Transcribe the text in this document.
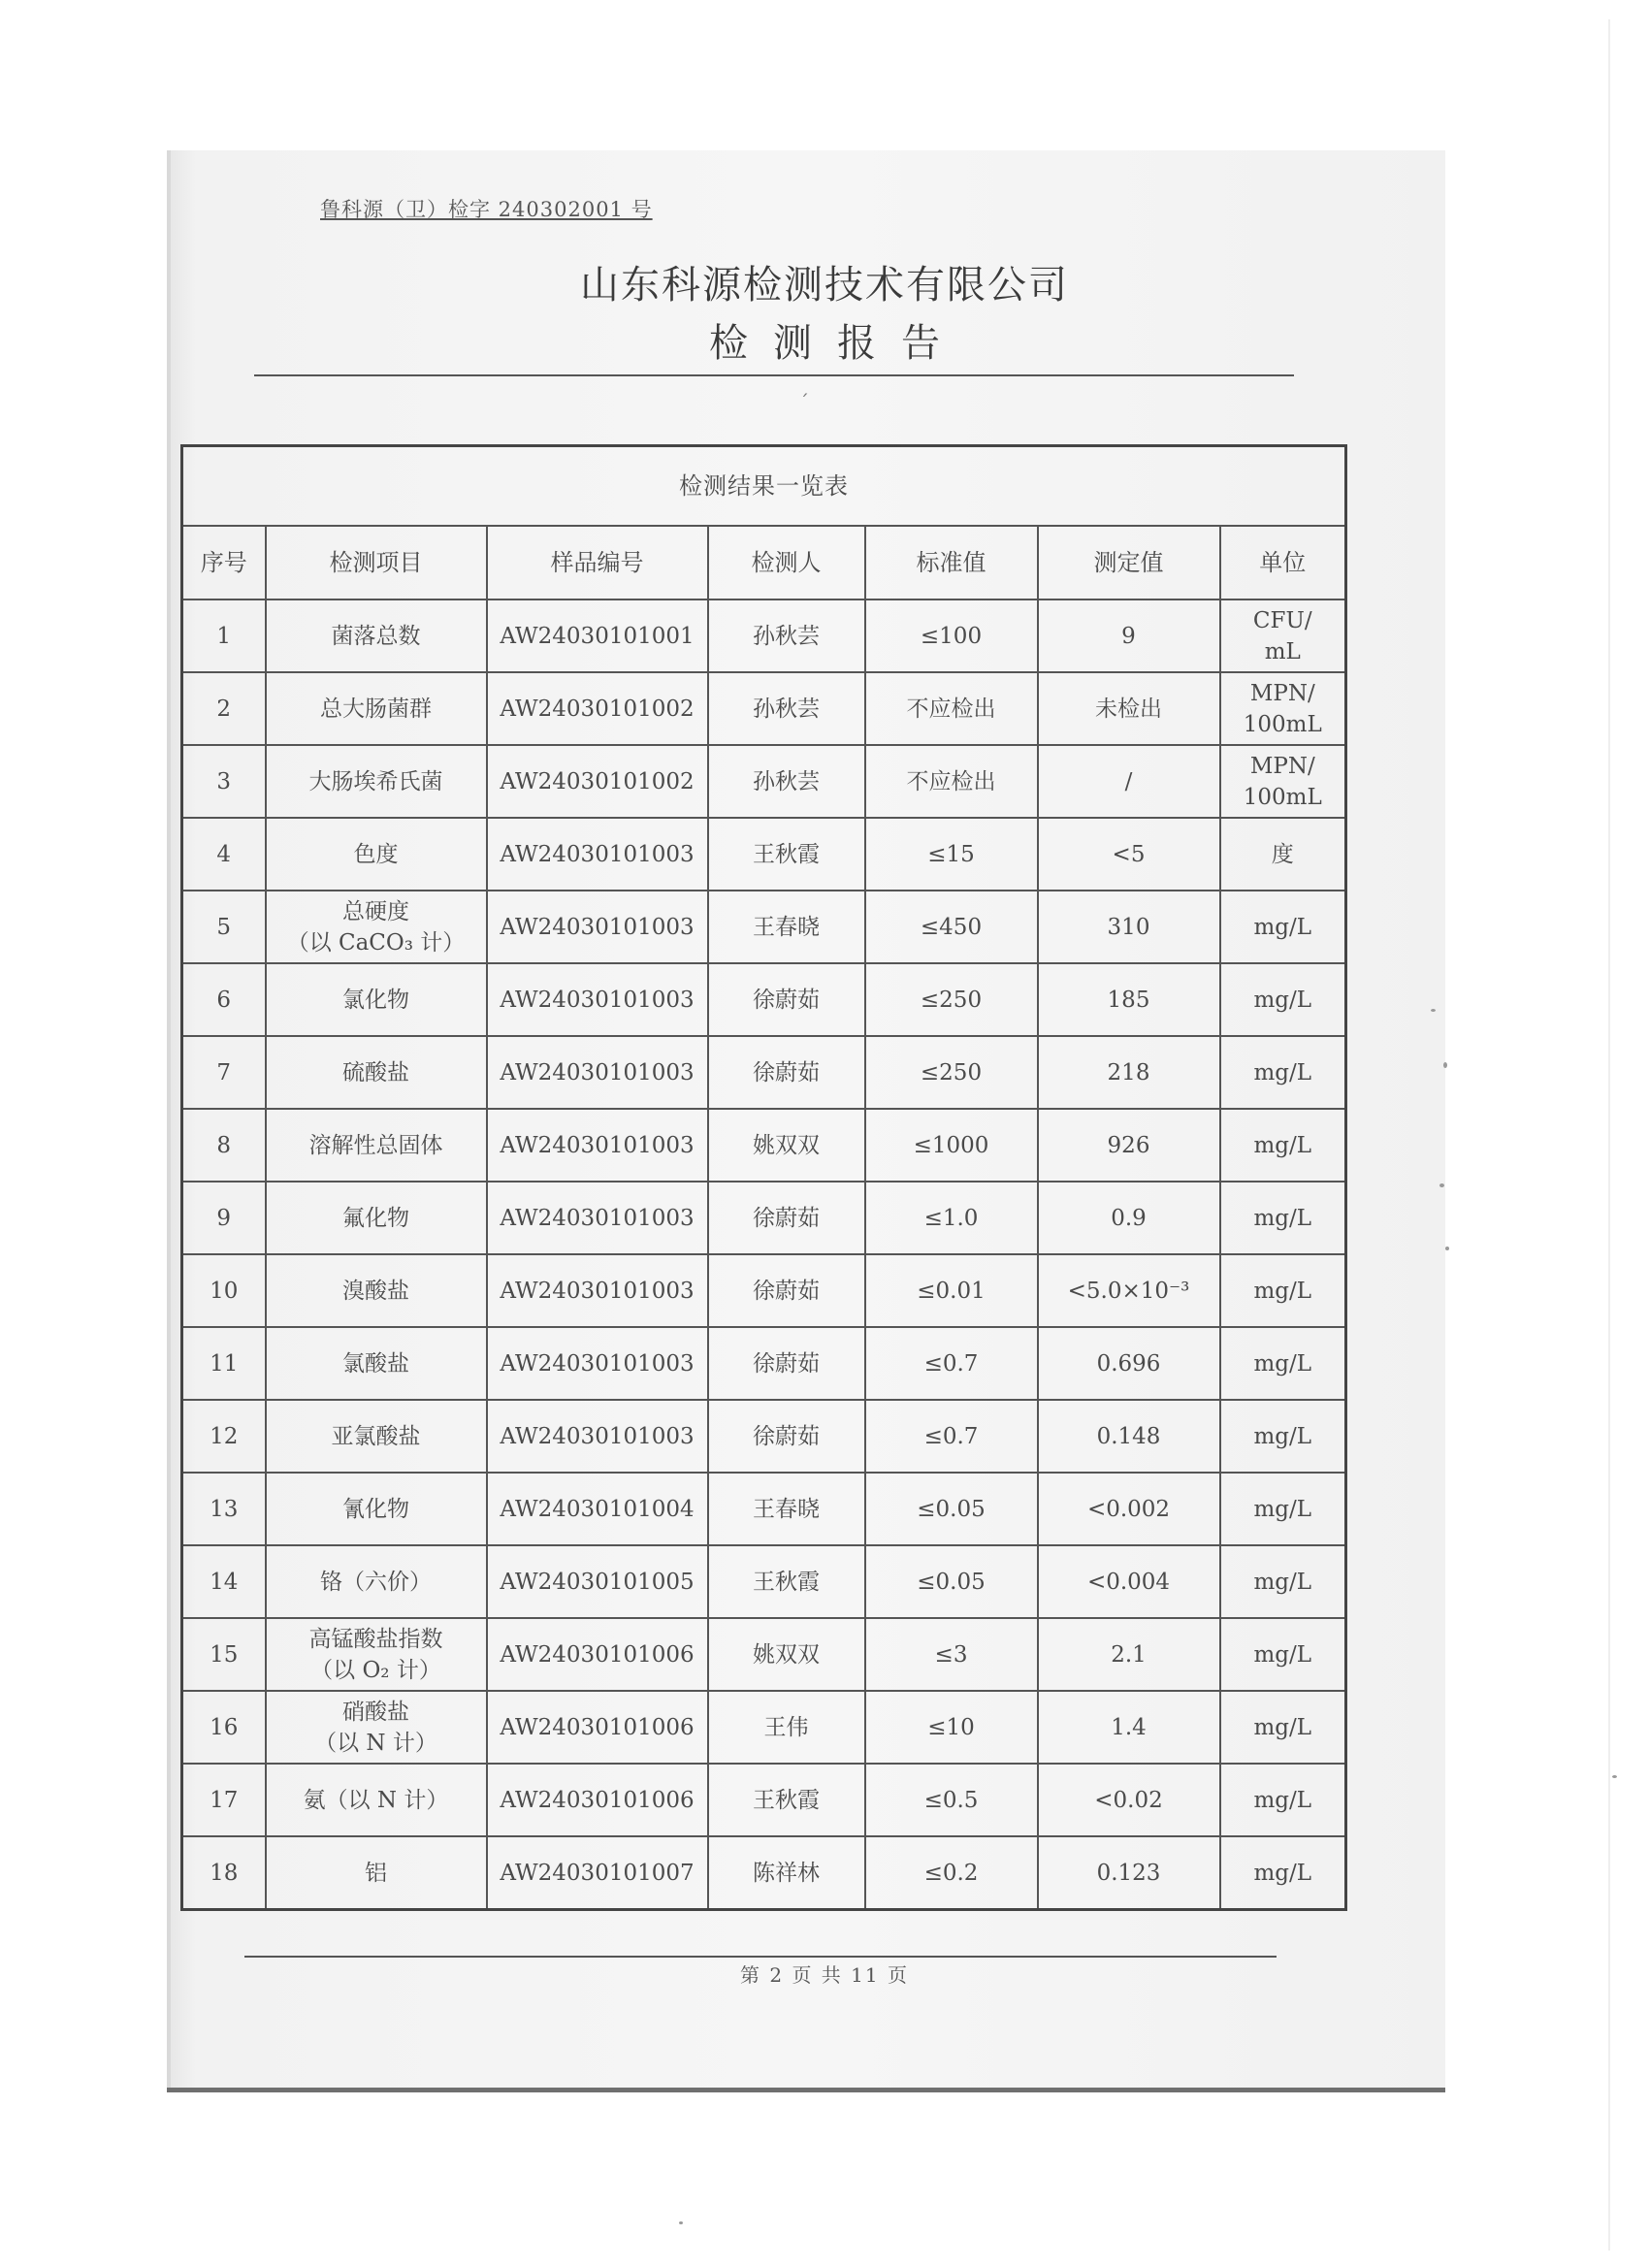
鲁科源（卫）检字 240302001 号
山东科源检测技术有限公司
检测报告
ˊ
检测结果一览表						
序号	检测项目	样品编号	检测人	标准值	测定值	单位

1	菌落总数	AW24030101001	孙秋芸	≤100	9	CFU/
mL

2	总大肠菌群	AW24030101002	孙秋芸	不应检出	未检出	MPN/
100mL

3	大肠埃希氏菌	AW24030101002	孙秋芸	不应检出	/	MPN/
100mL

4	色度	AW24030101003	王秋霞	≤15	<5	度

5	总硬度
（以 CaCO₃ 计）	AW24030101003	王春晓	≤450	310	mg/L

6	氯化物	AW24030101003	徐蔚茹	≤250	185	mg/L

7	硫酸盐	AW24030101003	徐蔚茹	≤250	218	mg/L

8	溶解性总固体	AW24030101003	姚双双	≤1000	926	mg/L

9	氟化物	AW24030101003	徐蔚茹	≤1.0	0.9	mg/L

10	溴酸盐	AW24030101003	徐蔚茹	≤0.01	<5.0×10⁻³	mg/L

11	氯酸盐	AW24030101003	徐蔚茹	≤0.7	0.696	mg/L

12	亚氯酸盐	AW24030101003	徐蔚茹	≤0.7	0.148	mg/L

13	氰化物	AW24030101004	王春晓	≤0.05	<0.002	mg/L

14	铬（六价）	AW24030101005	王秋霞	≤0.05	<0.004	mg/L

15	高锰酸盐指数
（以 O₂ 计）	AW24030101006	姚双双	≤3	2.1	mg/L

16	硝酸盐
（以 N 计）	AW24030101006	王伟	≤10	1.4	mg/L

17	氨（以 N 计）	AW24030101006	王秋霞	≤0.5	<0.02	mg/L

18	铝	AW24030101007	陈祥林	≤0.2	0.123	mg/L
第 2 页 共 11 页
